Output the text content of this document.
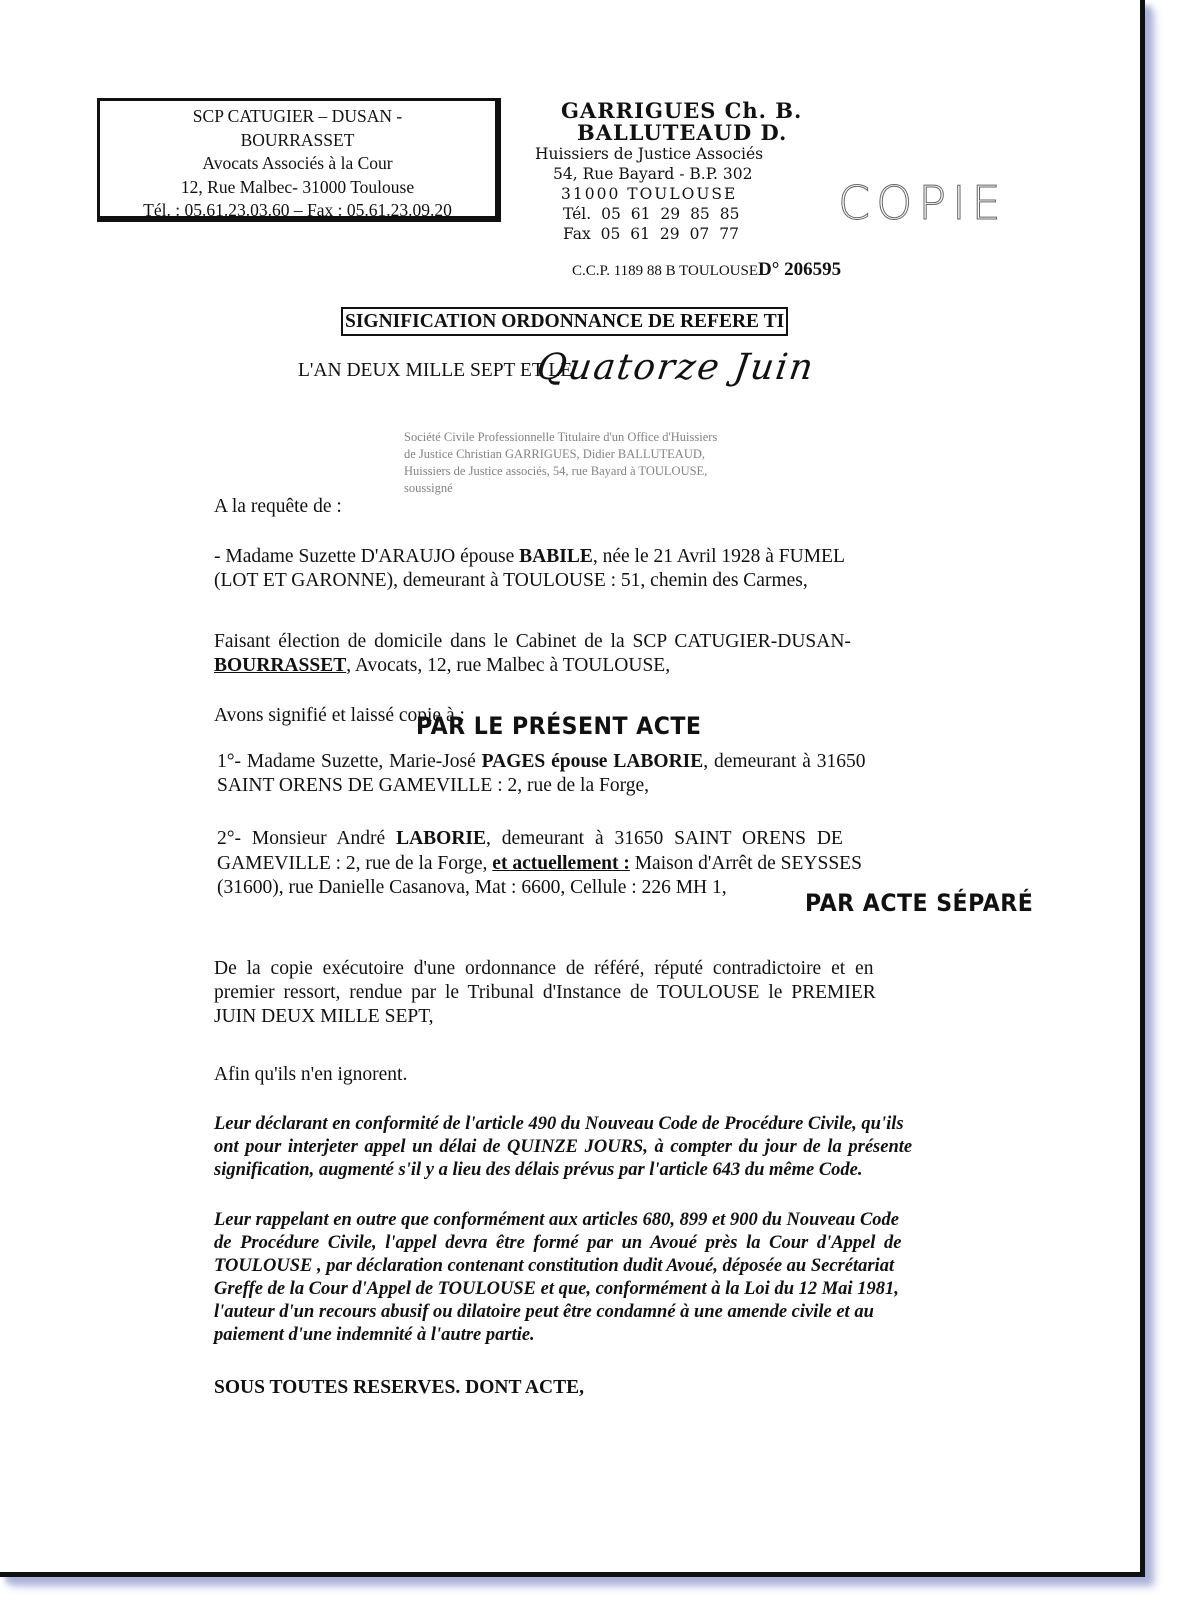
SCP CATUGIER – DUSAN -
BOURRASSET
Avocats Associés à la Cour
12, Rue Malbec- 31000 Toulouse
Tél. : 05.61.23.03.60 – Fax : 05.61.23.09.20
GARRIGUES Ch. B.
BALLUTEAUD D.
Huissiers de Justice Associés
54, Rue Bayard - B.P. 302
31000 TOULOUSE
Tél. 05 61 29 85 85
Fax 05 61 29 07 77
C.C.P. 1189 88 B TOULOUSED° 206595
COPIE
SIGNIFICATION ORDONNANCE DE REFERE TI
L'AN DEUX MILLE SEPT ET LE
Quatorze Juin
Société Civile Professionnelle Titulaire d'un Office d'Huissiers
de Justice Christian GARRIGUES, Didier BALLUTEAUD,
Huissiers de Justice associés, 54, rue Bayard à TOULOUSE,
soussigné
A la requête de :
- Madame Suzette D'ARAUJO épouse BABILE, née le 21 Avril 1928 à FUMEL
(LOT ET GARONNE), demeurant à TOULOUSE : 51, chemin des Carmes,
Faisant élection de domicile dans le Cabinet de la SCP CATUGIER-DUSAN-
BOURRASSET, Avocats, 12, rue Malbec à TOULOUSE,
Avons signifié et laissé copie à :
PAR LE PRÉSENT ACTE
1°- Madame Suzette, Marie-José PAGES épouse LABORIE, demeurant à 31650
SAINT ORENS DE GAMEVILLE : 2, rue de la Forge,
2°- Monsieur André LABORIE, demeurant à 31650 SAINT ORENS DE
GAMEVILLE : 2, rue de la Forge, et actuellement : Maison d'Arrêt de SEYSSES
(31600), rue Danielle Casanova, Mat : 6600, Cellule : 226 MH 1,
PAR ACTE SÉPARÉ
De la copie exécutoire d'une ordonnance de référé, réputé contradictoire et en
premier ressort, rendue par le Tribunal d'Instance de TOULOUSE le PREMIER
JUIN DEUX MILLE SEPT,
Afin qu'ils n'en ignorent.
Leur déclarant en conformité de l'article 490 du Nouveau Code de Procédure Civile, qu'ils
ont pour interjeter appel un délai de QUINZE JOURS, à compter du jour de la présente
signification, augmenté s'il y a lieu des délais prévus par l'article 643 du même Code.
Leur rappelant en outre que conformément aux articles 680, 899 et 900 du Nouveau Code
de Procédure Civile, l'appel devra être formé par un Avoué près la Cour d'Appel de
TOULOUSE , par déclaration contenant constitution dudit Avoué, déposée au Secrétariat
Greffe de la Cour d'Appel de TOULOUSE et que, conformément à la Loi du 12 Mai 1981,
l'auteur d'un recours abusif ou dilatoire peut être condamné à une amende civile et au
paiement d'une indemnité à l'autre partie.
SOUS TOUTES RESERVES. DONT ACTE,
